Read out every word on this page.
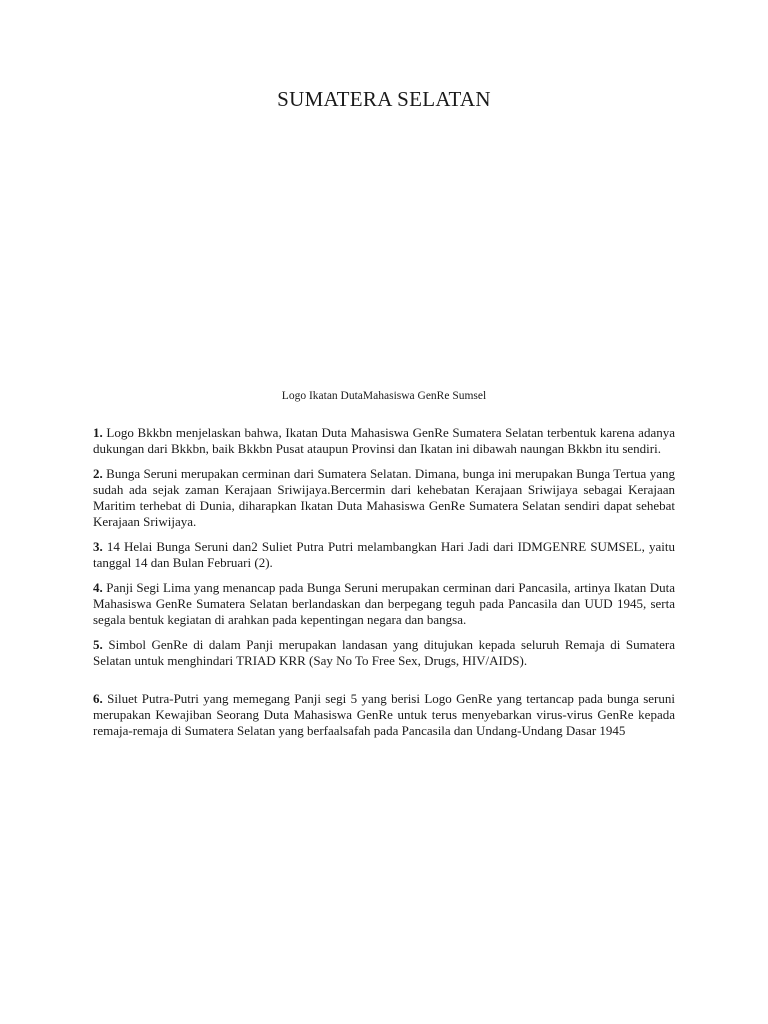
SUMATERA SELATAN

Logo Ikatan DutaMahasiswa GenRe Sumsel

1. Logo Bkkbn menjelaskan bahwa, Ikatan Duta Mahasiswa GenRe Sumatera Selatan terbentuk karena adanya dukungan dari Bkkbn, baik Bkkbn Pusat ataupun Provinsi dan Ikatan ini dibawah naungan Bkkbn itu sendiri.

2. Bunga Seruni merupakan cerminan dari Sumatera Selatan. Dimana, bunga ini merupakan Bunga Tertua yang sudah ada sejak zaman Kerajaan Sriwijaya.Bercermin dari kehebatan Kerajaan Sriwijaya sebagai Kerajaan Maritim terhebat di Dunia, diharapkan Ikatan Duta Mahasiswa GenRe Sumatera Selatan sendiri dapat sehebat Kerajaan Sriwijaya.

3. 14 Helai Bunga Seruni dan2 Suliet Putra Putri melambangkan Hari Jadi dari IDMGENRE SUMSEL, yaitu tanggal 14 dan Bulan Februari (2).

4. Panji Segi Lima yang menancap pada Bunga Seruni merupakan cerminan dari Pancasila, artinya Ikatan Duta Mahasiswa GenRe Sumatera Selatan berlandaskan dan berpegang teguh pada Pancasila dan UUD 1945, serta segala bentuk kegiatan di arahkan pada kepentingan negara dan bangsa.

5. Simbol GenRe di dalam Panji merupakan landasan yang ditujukan kepada seluruh Remaja di Sumatera Selatan untuk menghindari TRIAD KRR (Say No To Free Sex, Drugs, HIV/AIDS).

6. Siluet Putra-Putri yang memegang Panji segi 5 yang berisi Logo GenRe yang tertancap pada bunga seruni merupakan Kewajiban Seorang Duta Mahasiswa GenRe untuk terus menyebarkan virus-virus GenRe kepada remaja-remaja di Sumatera Selatan yang berfaalsafah pada Pancasila dan Undang-Undang Dasar 1945
